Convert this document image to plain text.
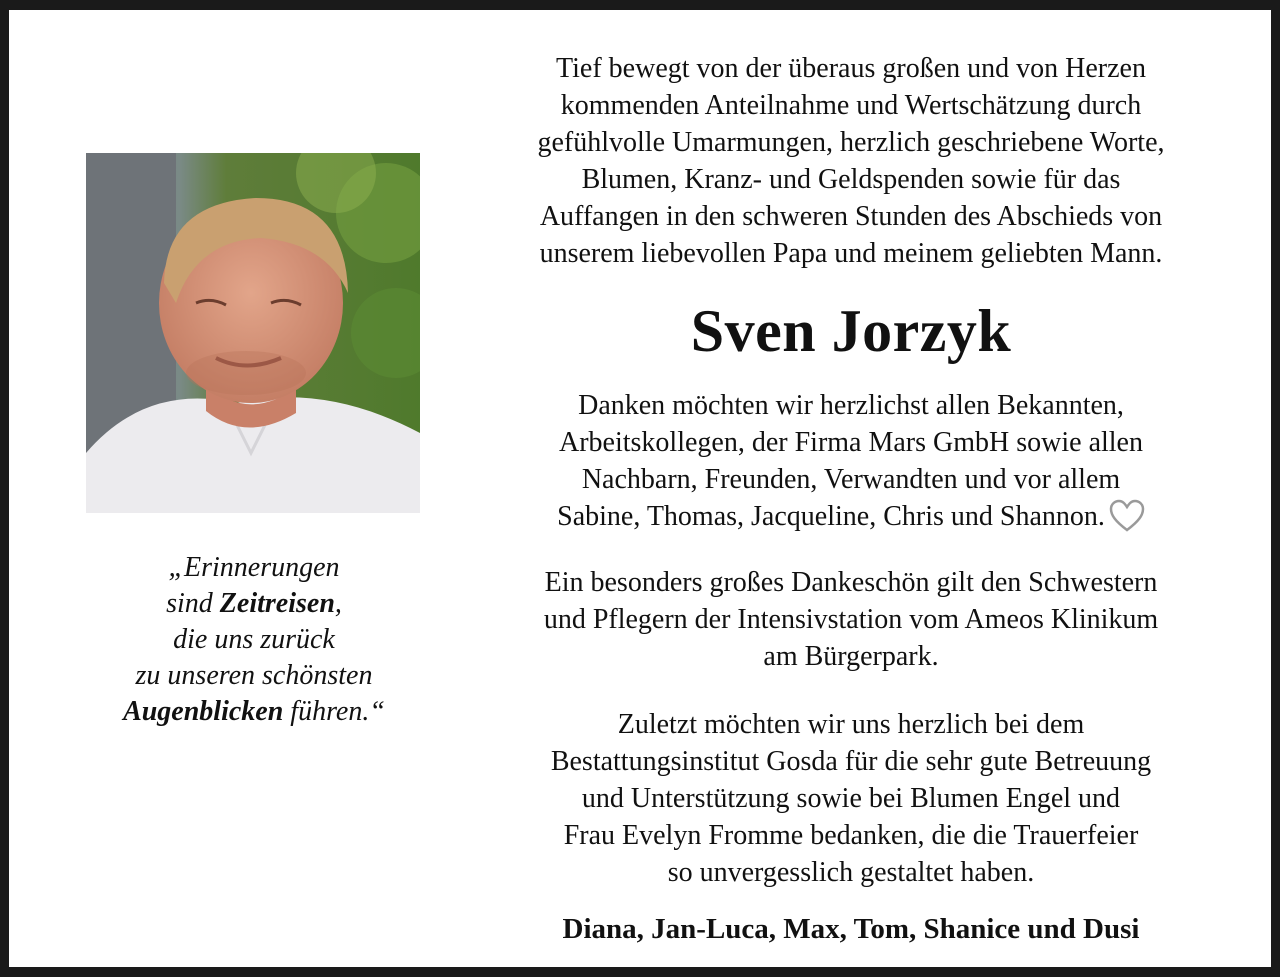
„Erinnerungen
sind Zeitreisen,
die uns zurück
zu unseren schönsten
Augenblicken führen.“

Tief bewegt von der überaus großen und von Herzen
kommenden Anteilnahme und Wertschätzung durch
gefühlvolle Umarmungen, herzlich geschriebene Worte,
Blumen, Kranz- und Geldspenden sowie für das
Auffangen in den schweren Stunden des Abschieds von
unserem liebevollen Papa und meinem geliebten Mann.

Sven Jorzyk

Danken möchten wir herzlichst allen Bekannten,
Arbeitskollegen, der Firma Mars GmbH sowie allen
Nachbarn, Freunden, Verwandten und vor allem
Sabine, Thomas, Jacqueline, Chris und Shannon.

Ein besonders großes Dankeschön gilt den Schwestern
und Pflegern der Intensivstation vom Ameos Klinikum
am Bürgerpark.

Zuletzt möchten wir uns herzlich bei dem
Bestattungsinstitut Gosda für die sehr gute Betreuung
und Unterstützung sowie bei Blumen Engel und
Frau Evelyn Fromme bedanken, die die Trauerfeier
so unvergesslich gestaltet haben.

Diana, Jan-Luca, Max, Tom, Shanice und Dusi
